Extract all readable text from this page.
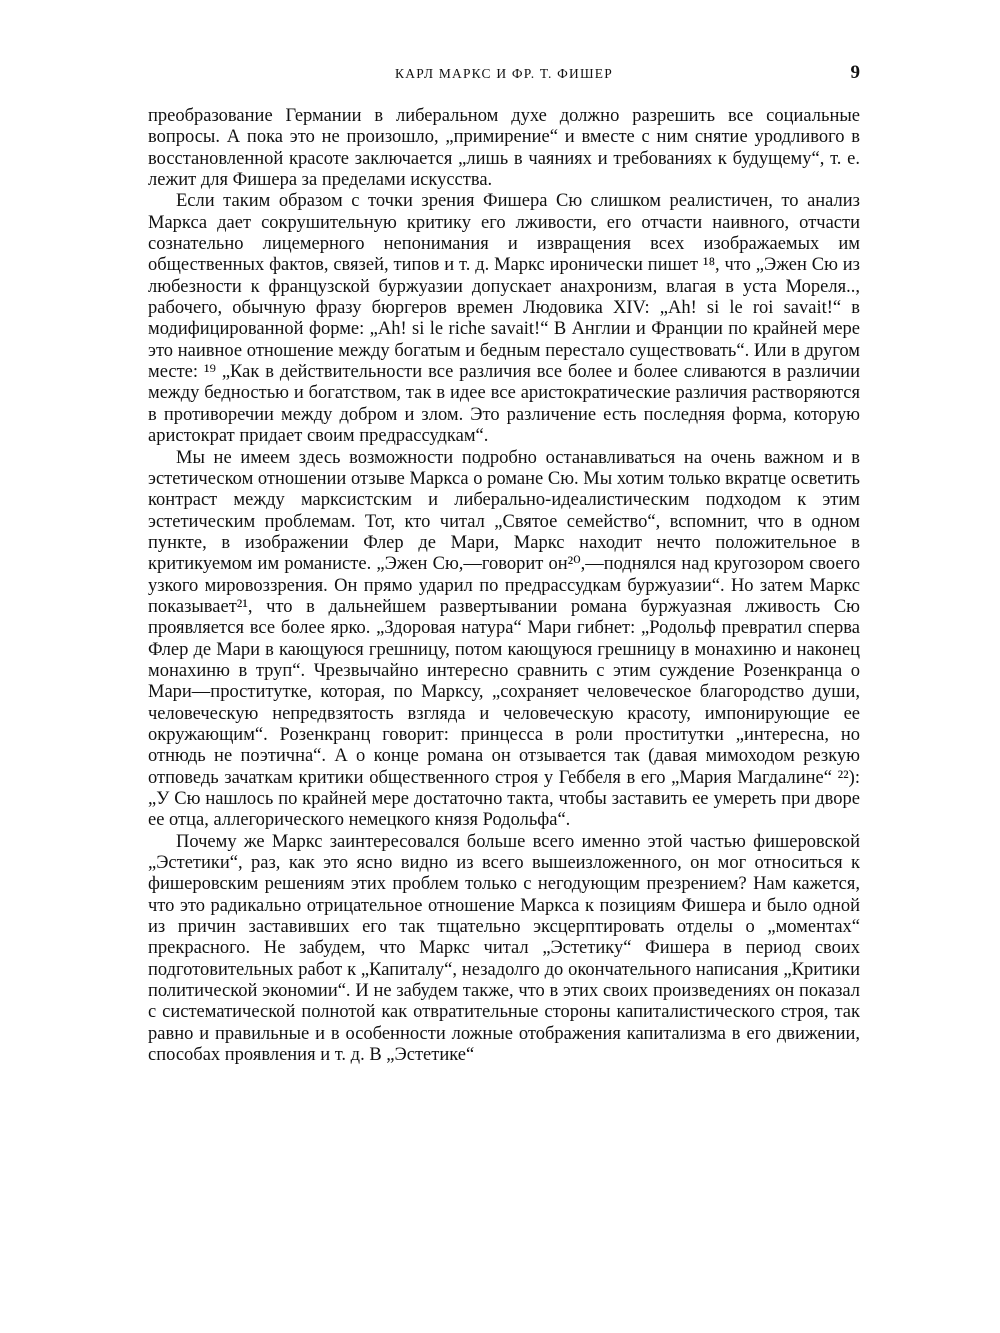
КАРЛ МАРКС И ФР. Т. ФИШЕР	9

преобразование Германии в либеральном духе должно разрешить все социальные вопросы. А пока это не произошло, „примирение“ и вместе с ним снятие уродливого в восстановленной красоте заключается „лишь в чаяниях и требованиях к будущему“, т. е. лежит для Фишера за пределами искусства.

Если таким образом с точки зрения Фишера Сю слишком реалистичен, то анализ Маркса дает сокрушительную критику его лживости, его отчасти наивного, отчасти сознательно лицемерного непонимания и извращения всех изображаемых им общественных фактов, связей, типов и т. д. Маркс иронически пишет ¹⁸, что „Эжен Сю из любезности к французской буржуазии допускает анахронизм, влагая в уста Мореля.., рабочего, обычную фразу бюргеров времен Людовика XIV: „Ah! si le roi savait!“ в модифицированной форме: „Ah! si le riche savait!“ В Англии и Франции по крайней мере это наивное отношение между богатым и бедным перестало существовать“. Или в другом месте: ¹⁹ „Как в действительности все различия все более и более сливаются в различии между бедностью и богатством, так в идее все аристократические различия растворяются в противоречии между добром и злом. Это различение есть последняя форма, которую аристократ придает своим предрассудкам“.

Мы не имеем здесь возможности подробно останавливаться на очень важном и в эстетическом отношении отзыве Маркса о романе Сю. Мы хотим только вкратце осветить контраст между марксистским и либерально-идеалистическим подходом к этим эстетическим проблемам. Тот, кто читал „Святое семейство“, вспомнит, что в одном пункте, в изображении Флер де Мари, Маркс находит нечто положительное в критикуемом им романисте. „Эжен Сю,—говорит он²⁰,—поднялся над кругозором своего узкого мировоззрения. Он прямо ударил по предрассудкам буржуазии“. Но затем Маркс показывает²¹, что в дальнейшем развертывании романа буржуазная лживость Сю проявляется все более ярко. „Здоровая натура“ Мари гибнет: „Родольф превратил сперва Флер де Мари в кающуюся грешницу, потом кающуюся грешницу в монахиню и наконец монахиню в труп“. Чрезвычайно интересно сравнить с этим суждение Розенкранца о Мари—проститутке, которая, по Марксу, „сохраняет человеческое благородство души, человеческую непредвзятость взгляда и человеческую красоту, импонирующие ее окружающим“. Розенкранц говорит: принцесса в роли проститутки „интересна, но отнюдь не поэтична“. А о конце романа он отзывается так (давая мимоходом резкую отповедь зачаткам критики общественного строя у Геббеля в его „Мария Магдалине“ ²²): „У Сю нашлось по крайней мере достаточно такта, чтобы заставить ее умереть при дворе ее отца, аллегорического немецкого князя Родольфа“.

Почему же Маркс заинтересовался больше всего именно этой частью фишеровской „Эстетики“, раз, как это ясно видно из всего вышеизложенного, он мог относиться к фишеровским решениям этих проблем только с негодующим презрением? Нам кажется, что это радикально отрицательное отношение Маркса к позициям Фишера и было одной из причин заставивших его так тщательно эксцерптировать отделы о „моментах“ прекрасного. Не забудем, что Маркс читал „Эстетику“ Фишера в период своих подготовительных работ к „Капиталу“, незадолго до окончательного написания „Критики политической экономии“. И не забудем также, что в этих своих произведениях он показал с систематической полнотой как отвратительные стороны капиталистического строя, так равно и правильные и в особенности ложные отображения капитализма в его движении, способах проявления и т. д. В „Эстетике“
